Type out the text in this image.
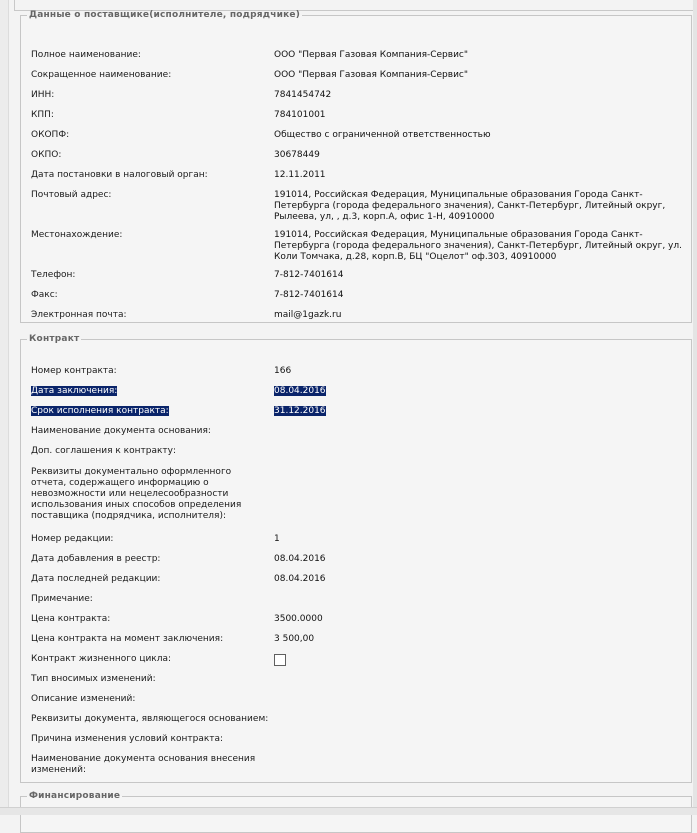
Данные о поставщике(исполнителе, подрядчике)
Полное наименование:	ООО "Первая Газовая Компания-Сервис"
Сокращенное наименование:	ООО "Первая Газовая Компания-Сервис"
ИНН:	7841454742
КПП:	784101001
ОКОПФ:	Общество с ограниченной ответственностью
ОКПО:	30678449
Дата постановки в налоговый орган:	12.11.2011
Почтовый адрес:	191014, Российская Федерация, Муниципальные образования Города Санкт-Петербурга (города федерального значения), Санкт-Петербург, Литейный округ, Рылеева, ул, , д.3, корп.А, офис 1-Н, 40910000
Местонахождение:	191014, Российская Федерация, Муниципальные образования Города Санкт-Петербурга (города федерального значения), Санкт-Петербург, Литейный округ, ул. Коли Томчака, д.28, корп.В, БЦ "Оцелот" оф.303, 40910000
Телефон:	7-812-7401614
Факс:	7-812-7401614
Электронная почта:	mail@1gazk.ru
Контракт
Номер контракта:	166
Дата заключения:	08.04.2016
Срок исполнения контракта:	31.12.2016
Наименование документа основания:
Доп. соглашения к контракту:
Реквизиты документально оформленного отчета, содержащего информацию о невозможности или нецелесообразности использования иных способов определения поставщика (подрядчика, исполнителя):
Номер редакции:	1
Дата добавления в реестр:	08.04.2016
Дата последней редакции:	08.04.2016
Примечание:
Цена контракта:	3500.0000
Цена контракта на момент заключения:	3 500,00
Контракт жизненного цикла:
Тип вносимых изменений:
Описание изменений:
Реквизиты документа, являющегося основанием:
Причина изменения условий контракта:
Наименование документа основания внесения изменений:
Финансирование
